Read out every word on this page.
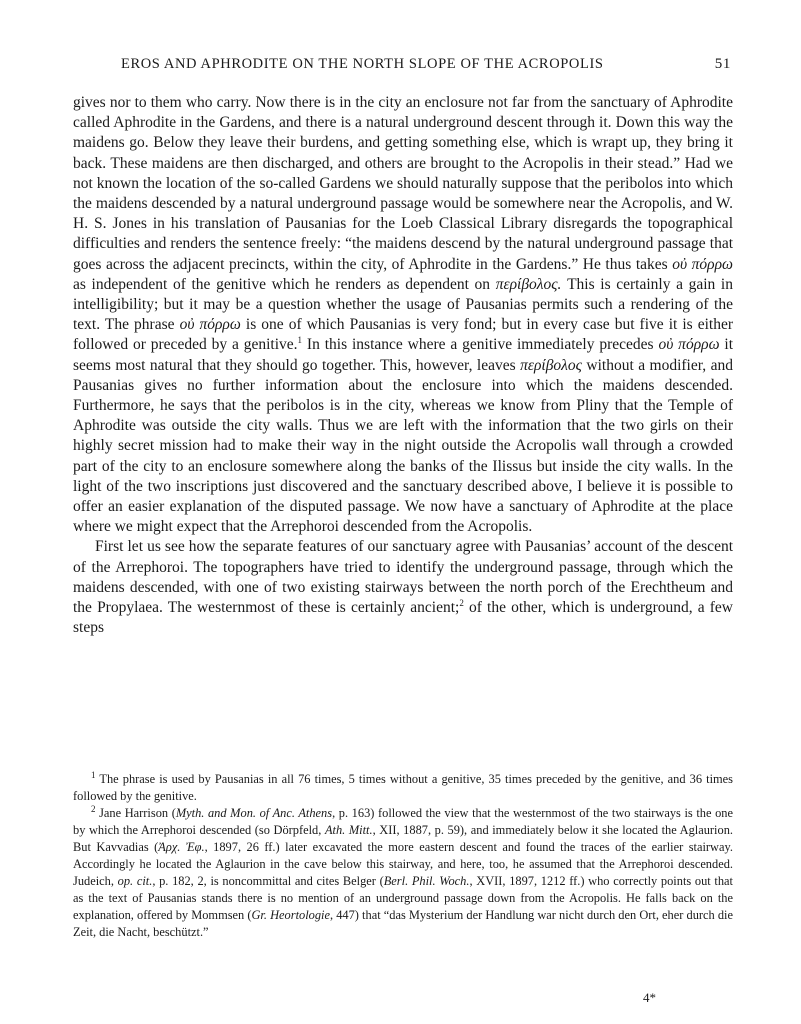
EROS AND APHRODITE ON THE NORTH SLOPE OF THE ACROPOLIS	51

gives nor to them who carry. Now there is in the city an enclosure not far from the sanctuary of Aphrodite called Aphrodite in the Gardens, and there is a natural underground descent through it. Down this way the maidens go. Below they leave their burdens, and getting something else, which is wrapt up, they bring it back. These maidens are then discharged, and others are brought to the Acropolis in their stead.” Had we not known the location of the so-called Gardens we should naturally suppose that the peribolos into which the maidens descended by a natural underground passage would be somewhere near the Acropolis, and W. H. S. Jones in his translation of Pausanias for the Loeb Classical Library disregards the topographical difficulties and renders the sentence freely: “the maidens descend by the natural underground passage that goes across the adjacent precincts, within the city, of Aphrodite in the Gardens.” He thus takes οὐ πόρρω as independent of the genitive which he renders as dependent on περίβολος. This is certainly a gain in intelligibility; but it may be a question whether the usage of Pausanias permits such a rendering of the text. The phrase οὐ πόρρω is one of which Pausanias is very fond; but in every case but five it is either followed or preceded by a genitive.$^1$ In this instance where a genitive immediately precedes οὐ πόρρω it seems most natural that they should go together. This, however, leaves περίβολος without a modifier, and Pausanias gives no further information about the enclosure into which the maidens descended. Furthermore, he says that the peribolos is in the city, whereas we know from Pliny that the Temple of Aphrodite was outside the city walls. Thus we are left with the information that the two girls on their highly secret mission had to make their way in the night outside the Acropolis wall through a crowded part of the city to an enclosure somewhere along the banks of the Ilissus but inside the city walls. In the light of the two inscriptions just discovered and the sanctuary described above, I believe it is possible to offer an easier explanation of the disputed passage. We now have a sanctuary of Aphrodite at the place where we might expect that the Arrephoroi descended from the Acropolis.

First let us see how the separate features of our sanctuary agree with Pausanias’ account of the descent of the Arrephoroi. The topographers have tried to identify the underground passage, through which the maidens descended, with one of two existing stairways between the north porch of the Erechtheum and the Propylaea. The westernmost of these is certainly ancient;$^2$ of the other, which is underground, a few steps

$^1$ The phrase is used by Pausanias in all 76 times, 5 times without a genitive, 35 times preceded by the genitive, and 36 times followed by the genitive.

$^2$ Jane Harrison (Myth. and Mon. of Anc. Athens, p. 163) followed the view that the westernmost of the two stairways is the one by which the Arrephoroi descended (so Dörpfeld, Ath. Mitt., XII, 1887, p. 59), and immediately below it she located the Aglaurion. But Kavvadias (Ἀρχ. Ἐφ., 1897, 26 ff.) later excavated the more eastern descent and found the traces of the earlier stairway. Accordingly he located the Aglaurion in the cave below this stairway, and here, too, he assumed that the Arrephoroi descended. Judeich, op. cit., p. 182, 2, is noncommittal and cites Belger (Berl. Phil. Woch., XVII, 1897, 1212 ff.) who correctly points out that as the text of Pausanias stands there is no mention of an underground passage down from the Acropolis. He falls back on the explanation, offered by Mommsen (Gr. Heortologie, 447) that “das Mysterium der Handlung war nicht durch den Ort, eher durch die Zeit, die Nacht, beschützt.”

4*
